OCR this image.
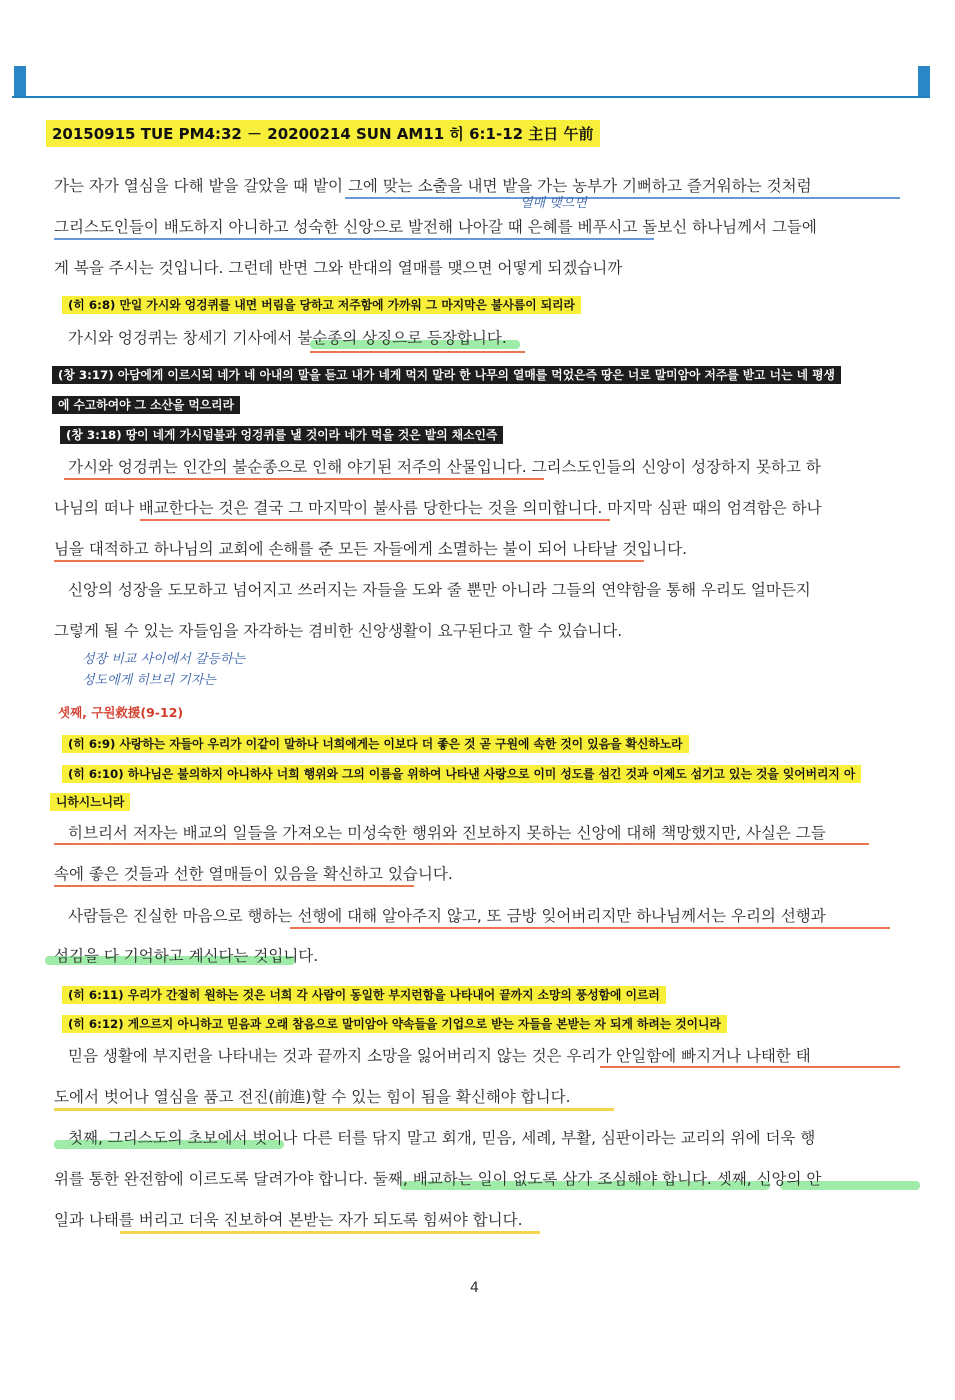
20150915 TUE PM4:32 － 20200214 SUN AM11 히 6:1-12 主日 午前
가는 자가 열심을 다해 밭을 갈았을 때 밭이 그에 맞는 소출을 내면 밭을 가는 농부가 기뻐하고 즐거워하는 것처럼
열매 맺으면
그리스도인들이 배도하지 아니하고 성숙한 신앙으로 발전해 나아갈 때 은혜를 베푸시고 돌보신 하나님께서 그들에
게 복을 주시는 것입니다. 그런데 반면 그와 반대의 열매를 맺으면 어떻게 되겠습니까
(히 6:8) 만일 가시와 엉겅퀴를 내면 버림을 당하고 저주함에 가까워 그 마지막은 불사름이 되리라
가시와 엉겅퀴는 창세기 기사에서 불순종의 상징으로 등장합니다.
(창 3:17) 아담에게 이르시되 네가 네 아내의 말을 듣고 내가 네게 먹지 말라 한 나무의 열매를 먹었은즉 땅은 너로 말미암아 저주를 받고 너는 네 평생
에 수고하여야 그 소산을 먹으리라
(창 3:18) 땅이 네게 가시덤불과 엉겅퀴를 낼 것이라 네가 먹을 것은 밭의 채소인즉
가시와 엉겅퀴는 인간의 불순종으로 인해 야기된 저주의 산물입니다. 그리스도인들의 신앙이 성장하지 못하고 하
나님의 떠나 배교한다는 것은 결국 그 마지막이 불사름 당한다는 것을 의미합니다. 마지막 심판 때의 엄격함은 하나
님을 대적하고 하나님의 교회에 손해를 준 모든 자들에게 소멸하는 불이 되어 나타날 것입니다.
신앙의 성장을 도모하고 넘어지고 쓰러지는 자들을 도와 줄 뿐만 아니라 그들의 연약함을 통해 우리도 얼마든지
그렇게 될 수 있는 자들임을 자각하는 겸비한 신앙생활이 요구된다고 할 수 있습니다.
성장 비교 사이에서 갈등하는
성도에게 히브리 기자는
셋째, 구원救援(9-12)
(히 6:9) 사랑하는 자들아 우리가 이같이 말하나 너희에게는 이보다 더 좋은 것 곧 구원에 속한 것이 있음을 확신하노라
(히 6:10) 하나님은 불의하지 아니하사 너희 행위와 그의 이름을 위하여 나타낸 사랑으로 이미 성도를 섬긴 것과 이제도 섬기고 있는 것을 잊어버리지 아
니하시느니라
히브리서 저자는 배교의 일들을 가져오는 미성숙한 행위와 진보하지 못하는 신앙에 대해 책망했지만, 사실은 그들
속에 좋은 것들과 선한 열매들이 있음을 확신하고 있습니다.
사람들은 진실한 마음으로 행하는 선행에 대해 알아주지 않고, 또 금방 잊어버리지만 하나님께서는 우리의 선행과
섬김을 다 기억하고 계신다는 것입니다.
(히 6:11) 우리가 간절히 원하는 것은 너희 각 사람이 동일한 부지런함을 나타내어 끝까지 소망의 풍성함에 이르러
(히 6:12) 게으르지 아니하고 믿음과 오래 참음으로 말미암아 약속들을 기업으로 받는 자들을 본받는 자 되게 하려는 것이니라
믿음 생활에 부지런을 나타내는 것과 끝까지 소망을 잃어버리지 않는 것은 우리가 안일함에 빠지거나 나태한 태
도에서 벗어나 열심을 품고 전진(前進)할 수 있는 힘이 됨을 확신해야 합니다.
첫째, 그리스도의 초보에서 벗어나 다른 터를 닦지 말고 회개, 믿음, 세례, 부활, 심판이라는 교리의 위에 더욱 행
위를 통한 완전함에 이르도록 달려가야 합니다. 둘째, 배교하는 일이 없도록 삼가 조심해야 합니다. 셋째, 신앙의 안
일과 나태를 버리고 더욱 진보하여 본받는 자가 되도록 힘써야 합니다.
4
